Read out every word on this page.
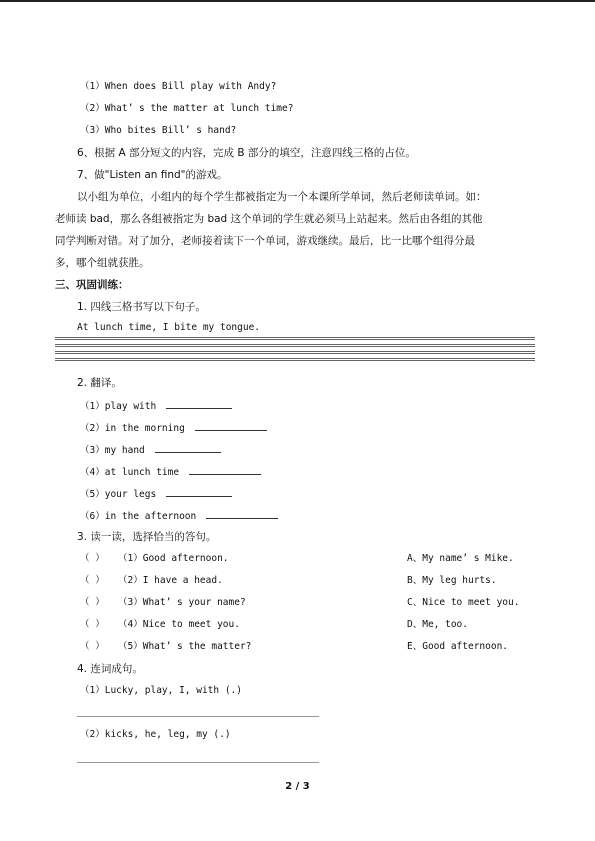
（1）When does Bill play with Andy?
（2）What’ s the matter at lunch time?
（3）Who bites Bill’ s hand?
6、根据 A 部分短文的内容，完成 B 部分的填空，注意四线三格的占位。
7、做"Listen an find"的游戏。
以小组为单位，小组内的每个学生都被指定为一个本课所学单词，然后老师读单词。如：
老师读 bad，那么各组被指定为 bad 这个单词的学生就必须马上站起来。然后由各组的其他
同学判断对错。对了加分，老师接着读下一个单词，游戏继续。最后，比一比哪个组得分最
多，哪个组就获胜。
三、巩固训练：
1. 四线三格书写以下句子。
At lunch time, I bite my tongue.
2. 翻译。
（1）play with
（2）in the morning
（3）my hand
（4）at lunch time
（5）your legs
（6）in the afternoon
3. 读一读，选择恰当的答句。
（ ） （1）Good afternoon.	A、My name’ s Mike.
（ ） （2）I have a head.	B、My leg hurts.
（ ） （3）What’ s your name?	C、Nice to meet you.
（ ） （4）Nice to meet you.	D、Me, too.
（ ） （5）What’ s the matter?	E、Good afternoon.
4. 连词成句。
（1）Lucky, play, I, with (.)
（2）kicks, he, leg, my (.)
2 / 3
